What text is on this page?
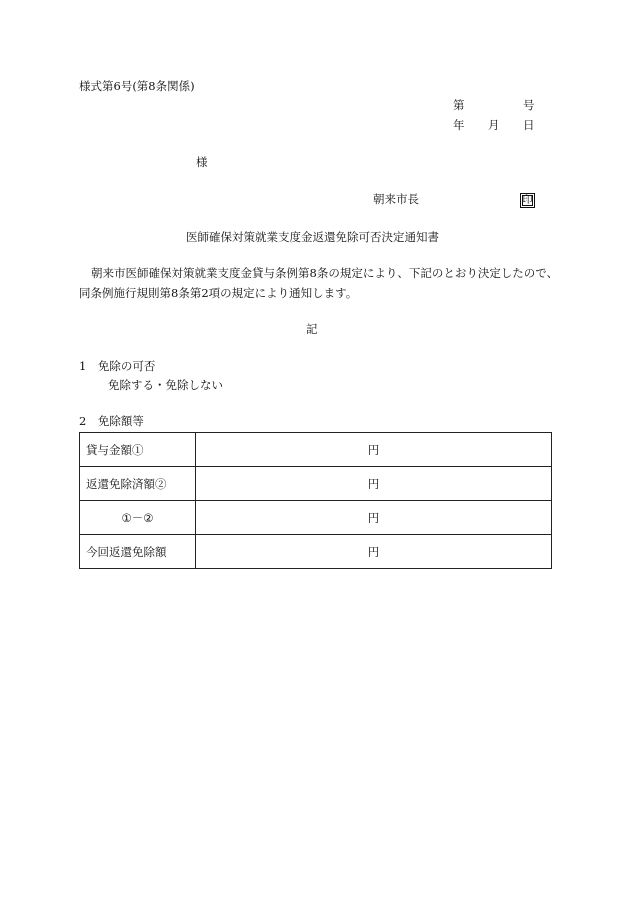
様式第6号(第8条関係)
第	号
年 月 日
様
朝来市長	印
医師確保対策就業支度金返還免除可否決定通知書
朝来市医師確保対策就業支度金貸与条例第8条の規定により、下記のとおり決定したので、
同条例施行規則第8条第2項の規定により通知します。
記
1　免除の可否
免除する・免除しない
2　免除額等
貸与金額①	円
返還免除済額②	円
①－②	円
今回返還免除額	円
